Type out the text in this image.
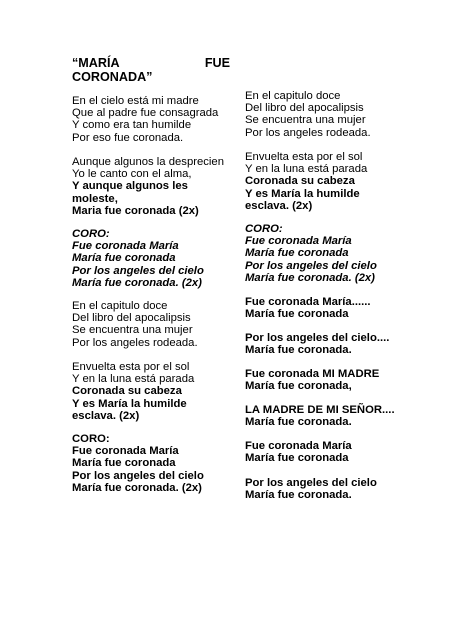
“MARÍA	FUE
CORONADA”
En el cielo está mi madre
Que al padre fue consagrada
Y como era tan humilde
Por eso fue coronada.
Aunque algunos la desprecien
Yo le canto con el alma,
Y aunque algunos les
moleste,
Maria fue coronada (2x)
CORO:
Fue coronada María
María fue coronada
Por los angeles del cielo
María fue coronada. (2x)
En el capitulo doce
Del libro del apocalipsis
Se encuentra una mujer
Por los angeles rodeada.
Envuelta esta por el sol
Y en la luna está parada
Coronada su cabeza
Y es María la humilde
esclava. (2x)
CORO:
Fue coronada María
María fue coronada
Por los angeles del cielo
María fue coronada. (2x)
En el capitulo doce
Del libro del apocalipsis
Se encuentra una mujer
Por los angeles rodeada.
Envuelta esta por el sol
Y en la luna está parada
Coronada su cabeza
Y es María la humilde
esclava. (2x)
CORO:
Fue coronada María
María fue coronada
Por los angeles del cielo
María fue coronada. (2x)
Fue coronada María......
María fue coronada
Por los angeles del cielo....
María fue coronada.
Fue coronada MI MADRE
María fue coronada,
LA MADRE DE MI SEÑOR....
María fue coronada.
Fue coronada María
María fue coronada
Por los angeles del cielo
María fue coronada.
